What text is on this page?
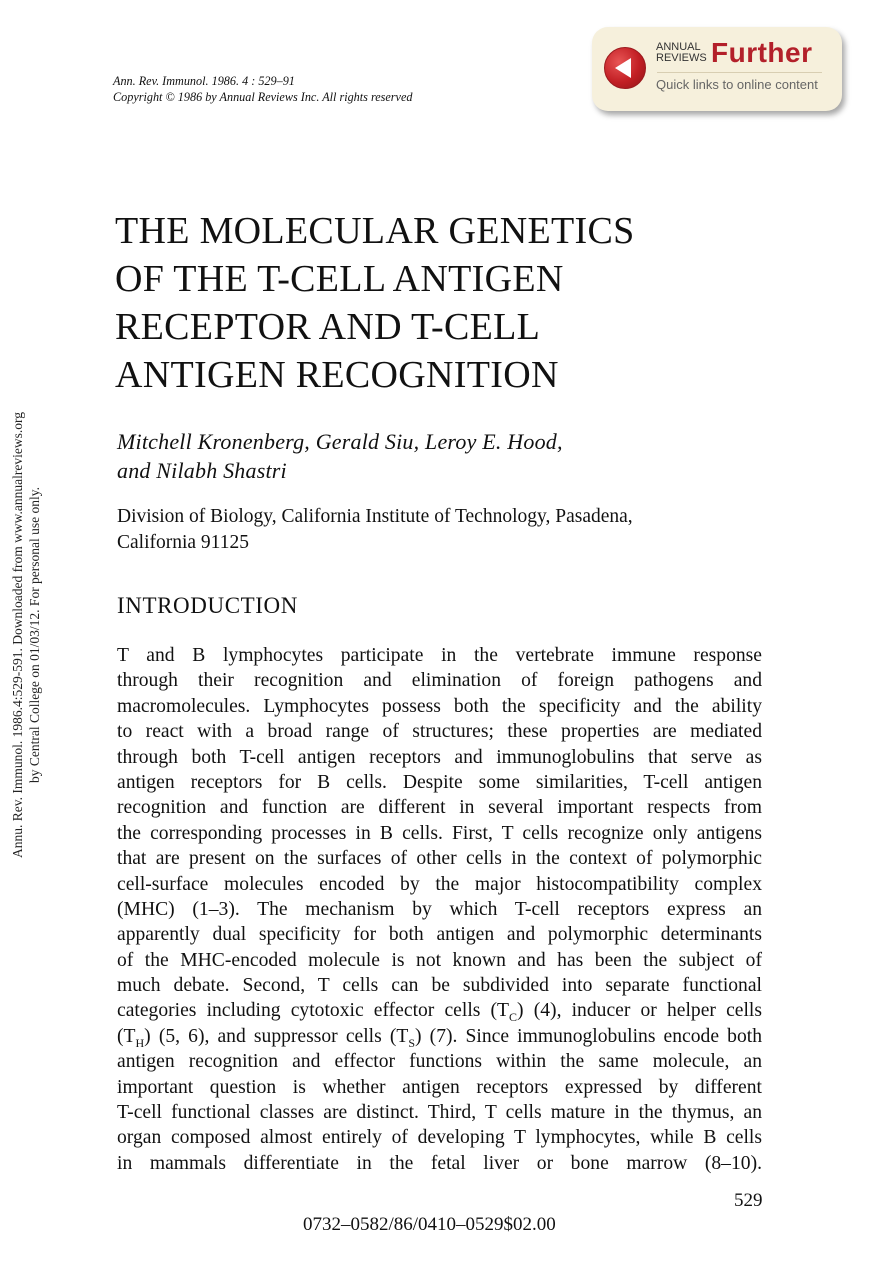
Annu. Rev. Immunol. 1986.4:529-591. Downloaded from www.annualreviews.org by Central College on 01/03/12. For personal use only.
Ann. Rev. Immunol. 1986. 4 : 529–91
Copyright © 1986 by Annual Reviews Inc. All rights reserved
ANNUAL
REVIEWS Further
Quick links to online content
THE MOLECULAR GENETICS
OF THE T-CELL ANTIGEN
RECEPTOR AND T-CELL
ANTIGEN RECOGNITION
Mitchell Kronenberg, Gerald Siu, Leroy E. Hood,
and Nilabh Shastri
Division of Biology, California Institute of Technology, Pasadena,
California 91125
INTRODUCTION
T and B lymphocytes participate in the vertebrate immune response
through their recognition and elimination of foreign pathogens and
macromolecules. Lymphocytes possess both the specificity and the ability
to react with a broad range of structures; these properties are mediated
through both T-cell antigen receptors and immunoglobulins that serve as
antigen receptors for B cells. Despite some similarities, T-cell antigen
recognition and function are different in several important respects from
the corresponding processes in B cells. First, T cells recognize only antigens
that are present on the surfaces of other cells in the context of polymorphic
cell-surface molecules encoded by the major histocompatibility complex
(MHC) (1–3). The mechanism by which T-cell receptors express an
apparently dual specificity for both antigen and polymorphic determinants
of the MHC-encoded molecule is not known and has been the subject of
much debate. Second, T cells can be subdivided into separate functional
categories including cytotoxic effector cells $(T_C)$ (4), inducer or helper cells
$(T_H)$ (5, 6), and suppressor cells $(T_S)$ (7). Since immunoglobulins encode both
antigen recognition and effector functions within the same molecule, an
important question is whether antigen receptors expressed by different
T-cell functional classes are distinct. Third, T cells mature in the thymus, an
organ composed almost entirely of developing T lymphocytes, while B cells
in mammals differentiate in the fetal liver or bone marrow (8–10).
529
0732–0582/86/0410–0529$02.00
